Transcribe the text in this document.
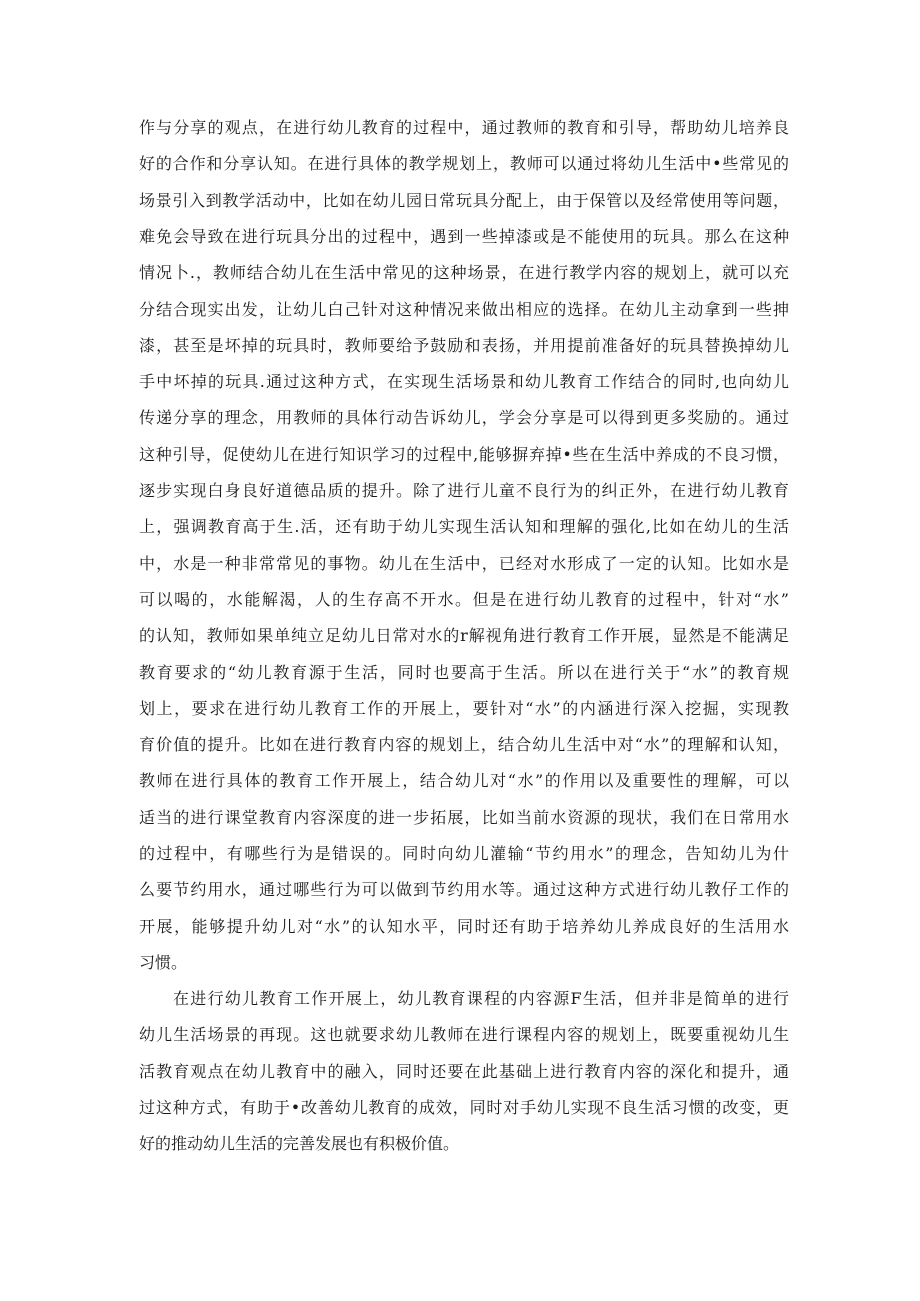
作与分享的观点，在进行幼儿教育的过程中，通过教师的教育和引导，帮助幼儿培养良
好的合作和分享认知。在进行具体的教学规划上，教师可以通过将幼儿生活中•些常见的
场景引入到教学活动中，比如在幼儿园日常玩具分配上，由于保管以及经常使用等问题，
难免会导致在进行玩具分出的过程中，遇到一些掉漆或是不能使用的玩具。那么在这种
情况卜.，教师结合幼儿在生活中常见的这种场景，在进行教学内容的规划上，就可以充
分结合现实出发，让幼儿白己针对这种情况来做出相应的选择。在幼儿主动拿到一些抻
漆，甚至是坏掉的玩具时，教师要给予鼓励和表扬，并用提前准备好的玩具替换掉幼儿
手中坏掉的玩具.通过这种方式，在实现生活场景和幼儿教育工作结合的同时,也向幼儿
传递分享的理念，用教师的具体行动告诉幼儿，学会分享是可以得到更多奖励的。通过
这种引导，促使幼儿在进行知识学习的过程中,能够摒弃掉•些在生活中养成的不良习惯，
逐步实现白身良好道德品质的提升。除了进行儿童不良行为的纠正外，在进行幼儿教育
上，强调教育高于生.活，还有助于幼儿实现生活认知和理解的强化,比如在幼儿的生活
中，水是一种非常常见的事物。幼儿在生活中，已经对水形成了一定的认知。比如水是
可以喝的，水能解渴，人的生存高不开水。但是在进行幼儿教育的过程中，针对“水”
的认知，教师如果单纯立足幼儿日常对水的r解视角进行教育工作开展，显然是不能满足
教育要求的“幼儿教育源于生活，同时也要高于生活。所以在进行关于“水”的教育规
划上，要求在进行幼儿教育工作的开展上，要针对“水”的内涵进行深入挖掘，实现教
育价值的提升。比如在进行教育内容的规划上，结合幼儿生活中对“水”的理解和认知，
教师在进行具体的教育工作开展上，结合幼儿对“水”的作用以及重要性的理解，可以
适当的进行课堂教育内容深度的进一步拓展，比如当前水资源的现状，我们在日常用水
的过程中，有哪些行为是错误的。同时向幼儿灌输“节约用水”的理念，告知幼儿为什
么要节约用水，通过哪些行为可以做到节约用水等。通过这种方式进行幼儿教仔工作的
开展，能够提升幼儿对“水”的认知水平，同时还有助于培养幼儿养成良好的生活用水
习惯。
在进行幼儿教育工作开展上，幼儿教育课程的内容源F生活，但并非是简单的进行
幼儿生活场景的再现。这也就要求幼儿教师在进行课程内容的规划上，既要重视幼儿生
活教育观点在幼儿教育中的融入，同时还要在此基础上进行教育内容的深化和提升，通
过这种方式，有助于•改善幼儿教育的成效，同时对手幼儿实现不良生活习惯的改变，更
好的推动幼儿生活的完善发展也有积极价值。
